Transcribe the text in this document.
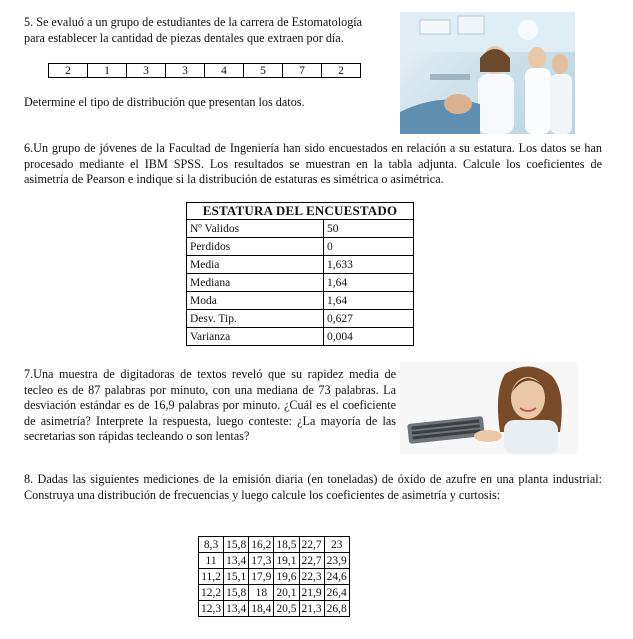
5. Se evaluó a un grupo de estudiantes de la carrera de Estomatología

para establecer la cantidad de piezas dentales que extraen por día.

2	1	3	3	4	5	7	2

Determine el tipo de distribución que presentan los datos.

6.Un grupo de jóvenes de la Facultad de Ingeniería han sido encuestados en relación a su estatura. Los datos se han procesado mediante el IBM SPSS. Los resultados se muestran en la tabla adjunta. Calcule los coeficientes de asimetría de Pearson e indique si la distribución de estaturas es simétrica o asimétrica.

ESTATURA DEL ENCUESTADO	
Nº Validos	50
Perdidos	0
Media	1,633
Mediana	1,64
Moda	1,64
Desv. Tip.	0,627
Varianza	0,004

7.Una muestra de digitadoras de textos reveló que su rapidez media de tecleo es de 87 palabras por minuto, con una mediana de 73 palabras. La desviación estándar es de 16,9 palabras por minuto. ¿Cuál es el coeficiente de asimetría? Interprete la respuesta, luego conteste: ¿La mayoría de las secretarias son rápidas tecleando o son lentas?

8. Dadas las siguientes mediciones de la emisión diaria (en toneladas) de óxido de azufre en una planta industrial: Construya una distribución de frecuencias y luego calcule los coeficientes de asimetría y curtosis:

8,3	15,8	16,2	18,5	22,7	23
11	13,4	17,3	19,1	22,7	23,9
11,2	15,1	17,9	19,6	22,3	24,6
12,2	15,8	18	20,1	21,9	26,4
12,3	13,4	18,4	20,5	21,3	26,8
